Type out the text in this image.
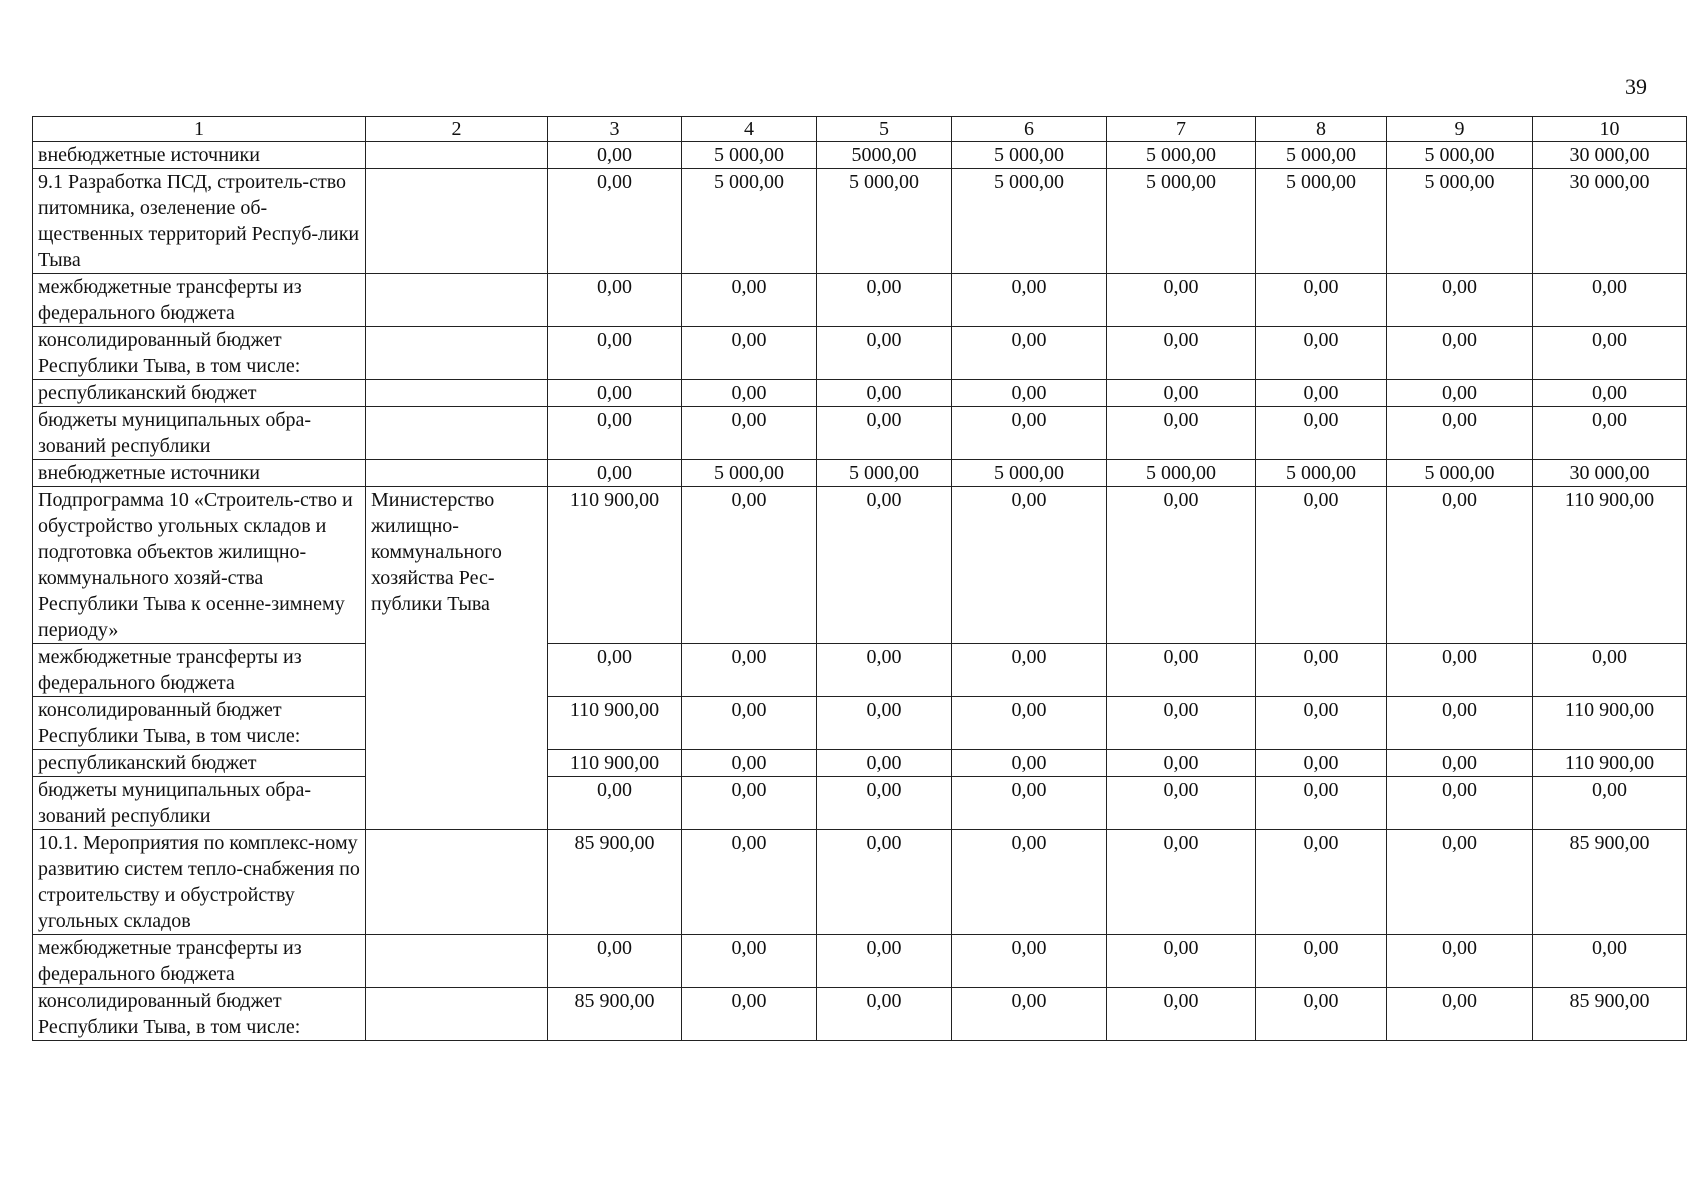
39
1	2	3	4	5	6	7	8	9	10
внебюджетные источники		0,00	5 000,00	5000,00	5 000,00	5 000,00	5 000,00	5 000,00	30 000,00
9.1 Разработка ПСД, строитель-ство питомника, озеленение об-щественных территорий Респуб-лики Тыва		0,00	5 000,00	5 000,00	5 000,00	5 000,00	5 000,00	5 000,00	30 000,00
межбюджетные трансферты из федерального бюджета		0,00	0,00	0,00	0,00	0,00	0,00	0,00	0,00
консолидированный бюджет Республики Тыва, в том числе:		0,00	0,00	0,00	0,00	0,00	0,00	0,00	0,00
республиканский бюджет		0,00	0,00	0,00	0,00	0,00	0,00	0,00	0,00
бюджеты муниципальных обра-зований республики		0,00	0,00	0,00	0,00	0,00	0,00	0,00	0,00
внебюджетные источники		0,00	5 000,00	5 000,00	5 000,00	5 000,00	5 000,00	5 000,00	30 000,00
Подпрограмма 10 «Строитель-ство и обустройство угольных складов и подготовка объектов жилищно-коммунального хозяй-ства Республики Тыва к осенне-зимнему периоду»	Министерство жилищно-коммунального хозяйства Рес-публики Тыва	110 900,00	0,00	0,00	0,00	0,00	0,00	0,00	110 900,00
межбюджетные трансферты из федерального бюджета		0,00	0,00	0,00	0,00	0,00	0,00	0,00	0,00
консолидированный бюджет Республики Тыва, в том числе:		110 900,00	0,00	0,00	0,00	0,00	0,00	0,00	110 900,00
республиканский бюджет		110 900,00	0,00	0,00	0,00	0,00	0,00	0,00	110 900,00
бюджеты муниципальных обра-зований республики		0,00	0,00	0,00	0,00	0,00	0,00	0,00	0,00
10.1. Мероприятия по комплекс-ному развитию систем тепло-снабжения по строительству и обустройству угольных складов		85 900,00	0,00	0,00	0,00	0,00	0,00	0,00	85 900,00
межбюджетные трансферты из федерального бюджета		0,00	0,00	0,00	0,00	0,00	0,00	0,00	0,00
консолидированный бюджет Республики Тыва, в том числе:		85 900,00	0,00	0,00	0,00	0,00	0,00	0,00	85 900,00
